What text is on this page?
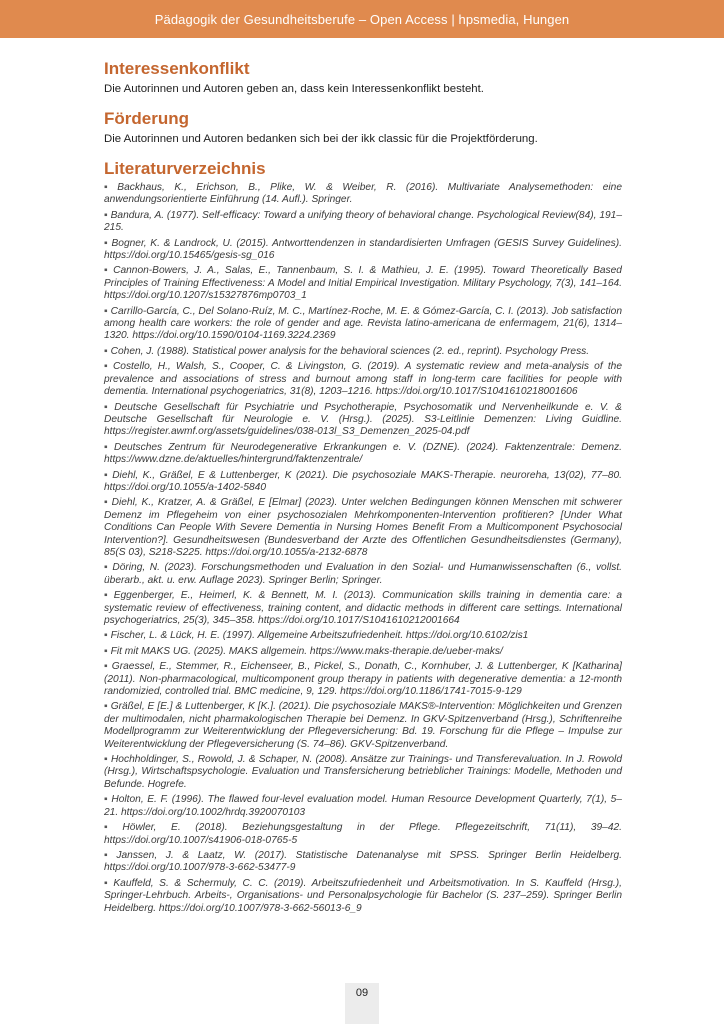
Pädagogik der Gesundheitsberufe – Open Access | hpsmedia, Hungen
Interessenkonflikt

Die Autorinnen und Autoren geben an, dass kein Interessenkonflikt besteht.

Förderung

Die Autorinnen und Autoren bedanken sich bei der ikk classic für die Projektförderung.

Literaturverzeichnis
▪ Backhaus, K., Erichson, B., Plike, W. & Weiber, R. (2016). Multivariate Analysemethoden: eine anwendungsorientierte Einführung (14. Aufl.). Springer.
▪ Bandura, A. (1977). Self-efficacy: Toward a unifying theory of behavioral change. Psychological Review(84), 191–215.
▪ Bogner, K. & Landrock, U. (2015). Antworttendenzen in standardisierten Umfragen (GESIS Survey Guidelines). https://doi.org/10.15465/gesis-sg_016
▪ Cannon-Bowers, J. A., Salas, E., Tannenbaum, S. I. & Mathieu, J. E. (1995). Toward Theoretically Based Principles of Training Effectiveness: A Model and Initial Empirical Investigation. Military Psychology, 7(3), 141–164. https://doi.org/10.1207/s15327876mp0703_1
▪ Carrillo-García, C., Del Solano-Ruíz, M. C., Martínez-Roche, M. E. & Gómez-García, C. I. (2013). Job satisfaction among health care workers: the role of gender and age. Revista latino-americana de enfermagem, 21(6), 1314–1320. https://doi.org/10.1590/0104-1169.3224.2369
▪ Cohen, J. (1988). Statistical power analysis for the behavioral sciences (2. ed., reprint). Psychology Press.
▪ Costello, H., Walsh, S., Cooper, C. & Livingston, G. (2019). A systematic review and meta-analysis of the prevalence and associations of stress and burnout among staff in long-term care facilities for people with dementia. International psychogeriatrics, 31(8), 1203–1216. https://doi.org/10.1017/S1041610218001606
▪ Deutsche Gesellschaft für Psychiatrie und Psychotherapie, Psychosomatik und Nervenheilkunde e. V. & Deutsche Gesellschaft für Neurologie e. V. (Hrsg.). (2025). S3-Leitlinie Demenzen: Living Guidline. https://register.awmf.org/assets/guidelines/038-013l_S3_Demenzen_2025-04.pdf
▪ Deutsches Zentrum für Neurodegenerative Erkrankungen e. V. (DZNE). (2024). Faktenzentrale: Demenz. https://www.dzne.de/aktuelles/hintergrund/faktenzentrale/
▪ Diehl, K., Gräßel, E & Luttenberger, K (2021). Die psychosoziale MAKS-Therapie. neuroreha, 13(02), 77–80. https://doi.org/10.1055/a-1402-5840
▪ Diehl, K., Kratzer, A. & Gräßel, E [Elmar] (2023). Unter welchen Bedingungen können Menschen mit schwerer Demenz im Pflegeheim von einer psychosozialen Mehrkomponenten-Intervention profitieren? [Under What Conditions Can People With Severe Dementia in Nursing Homes Benefit From a Multicomponent Psychosocial Intervention?]. Gesundheitswesen (Bundesverband der Arzte des Offentlichen Gesundheitsdienstes (Germany), 85(S 03), S218-S225. https://doi.org/10.1055/a-2132-6878
▪ Döring, N. (2023). Forschungsmethoden und Evaluation in den Sozial- und Humanwissenschaften (6., vollst. überarb., akt. u. erw. Auflage 2023). Springer Berlin; Springer.
▪ Eggenberger, E., Heimerl, K. & Bennett, M. I. (2013). Communication skills training in dementia care: a systematic review of effectiveness, training content, and didactic methods in different care settings. International psychogeriatrics, 25(3), 345–358. https://doi.org/10.1017/S1041610212001664
▪ Fischer, L. & Lück, H. E. (1997). Allgemeine Arbeitszufriedenheit. https://doi.org/10.6102/zis1
▪ Fit mit MAKS UG. (2025). MAKS allgemein. https://www.maks-therapie.de/ueber-maks/
▪ Graessel, E., Stemmer, R., Eichenseer, B., Pickel, S., Donath, C., Kornhuber, J. & Luttenberger, K [Katharina] (2011). Non-pharmacological, multicomponent group therapy in patients with degenerative dementia: a 12-month randomizied, controlled trial. BMC medicine, 9, 129. https://doi.org/10.1186/1741-7015-9-129
▪ Gräßel, E [E.] & Luttenberger, K [K.]. (2021). Die psychosoziale MAKS®-Intervention: Möglichkeiten und Grenzen der multimodalen, nicht pharmakologischen Therapie bei Demenz. In GKV-Spitzenverband (Hrsg.), Schriftenreihe Modellprogramm zur Weiterentwicklung der Pflegeversicherung: Bd. 19. Forschung für die Pflege – Impulse zur Weiterentwicklung der Pflegeversicherung (S. 74–86). GKV-Spitzenverband.
▪ Hochholdinger, S., Rowold, J. & Schaper, N. (2008). Ansätze zur Trainings- und Transferevaluation. In J. Rowold (Hrsg.), Wirtschaftspsychologie. Evaluation und Transfersicherung betrieblicher Trainings: Modelle, Methoden und Befunde. Hogrefe.
▪ Holton, E. F. (1996). The flawed four-level evaluation model. Human Resource Development Quarterly, 7(1), 5–21. https://doi.org/10.1002/hrdq.3920070103
▪ Höwler, E. (2018). Beziehungsgestaltung in der Pflege. Pflegezeitschrift, 71(11), 39–42. https://doi.org/10.1007/s41906-018-0765-5
▪ Janssen, J. & Laatz, W. (2017). Statistische Datenanalyse mit SPSS. Springer Berlin Heidelberg. https://doi.org/10.1007/978-3-662-53477-9
▪ Kauffeld, S. & Schermuly, C. C. (2019). Arbeitszufriedenheit und Arbeitsmotivation. In S. Kauffeld (Hrsg.), Springer-Lehrbuch. Arbeits-, Organisations- und Personalpsychologie für Bachelor (S. 237–259). Springer Berlin Heidelberg. https://doi.org/10.1007/978-3-662-56013-6_9
09
